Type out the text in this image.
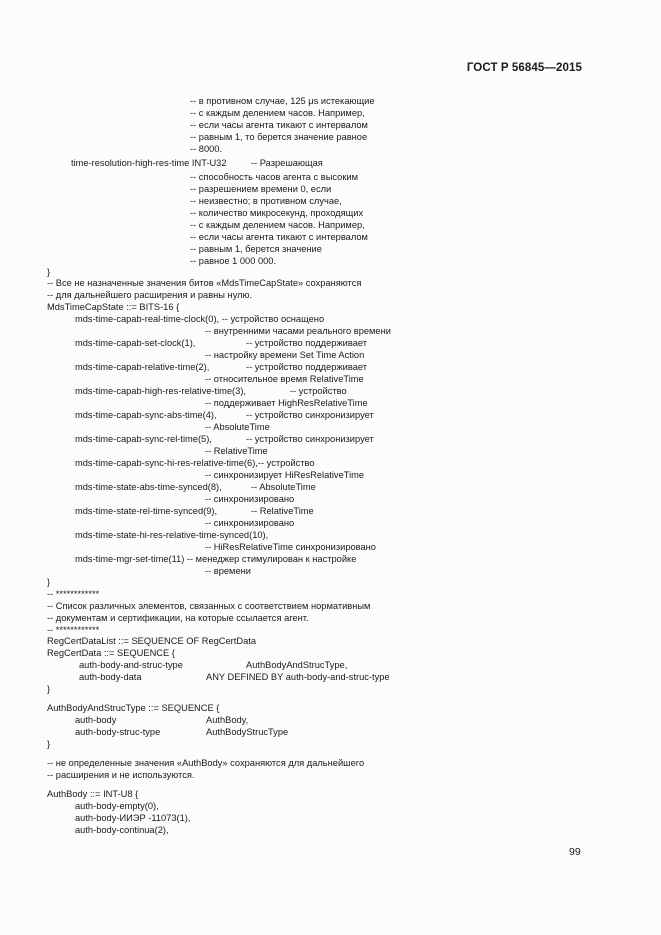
ГОСТ Р 56845—2015
-- в противном случае, 125 μs истекающие
-- с каждым делением часов. Например,
-- если часы агента тикают с интервалом
-- равным 1, то берется значение равное
-- 8000.
time-resolution-high-res-time INT-U32	-- Разрешающая
-- способность часов агента с высоким
-- разрешением времени 0, если
-- неизвестно; в противном случае,
-- количество микросекунд, проходящих
-- с каждым делением часов. Например,
-- если часы агента тикают с интервалом
-- равным 1, берется значение
-- равное 1 000 000.
}
-- Все не назначенные значения битов «MdsTimeCapState» сохраняются
-- для дальнейшего расширения и равны нулю.
MdsTimeCapState ::= BITS-16 {
mds-time-capab-real-time-clock(0), -- устройство оснащено
-- внутренними часами реального времени
mds-time-capab-set-clock(1),	-- устройство поддерживает
-- настройку времени Set Time Action
mds-time-capab-relative-time(2),	-- устройство поддерживает
-- относительное время RelativeTime
mds-time-capab-high-res-relative-time(3),	-- устройство
-- поддерживает HighResRelativeTime
mds-time-capab-sync-abs-time(4),	-- устройство синхронизирует
-- AbsoluteTime
mds-time-capab-sync-rel-time(5),	-- устройство синхронизирует
-- RelativeTime
mds-time-capab-sync-hi-res-relative-time(6),-- устройство
-- синхронизирует HiResRelativeTime
mds-time-state-abs-time-synced(8),	-- AbsoluteTime
-- синхронизировано
mds-time-state-rel-time-synced(9),	-- RelativeTime
-- синхронизировано
mds-time-state-hi-res-relative-time-synced(10),
-- HiResRelativeTime синхронизировано
mds-time-mgr-set-time(11) -- менеджер стимулирован к настройке
-- времени
}
-- ************
-- Список различных элементов, связанных с соответствием нормативным
-- документам и сертификации, на которые ссылается агент.
-- ************
RegCertDataList ::= SEQUENCE OF RegCertData
RegCertData ::= SEQUENCE {
auth-body-and-struc-type	AuthBodyAndStrucType,
auth-body-data	ANY DEFINED BY auth-body-and-struc-type
}
AuthBodyAndStrucType ::= SEQUENCE {
auth-body	AuthBody,
auth-body-struc-type	AuthBodyStrucType
}
-- не определенные значения «AuthBody» сохраняются для дальнейшего
-- расширения и не используются.
AuthBody ::= INT-U8 {
auth-body-empty(0),
auth-body-ИИЭР -11073(1),
auth-body-continua(2),
99
